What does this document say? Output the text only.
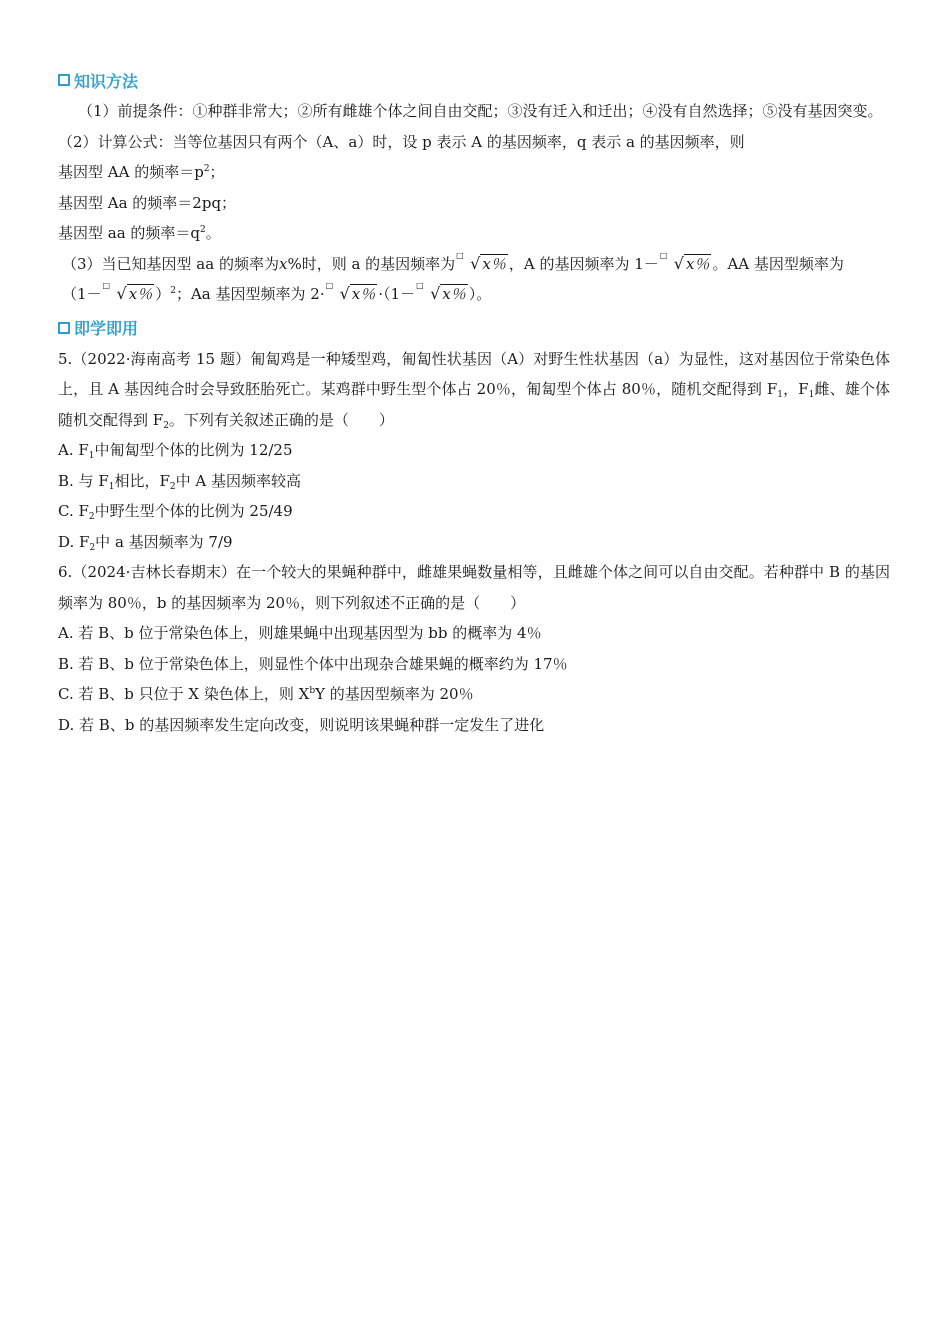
知识方法
（1）前提条件：①种群非常大；②所有雌雄个体之间自由交配；③没有迁入和迁出；④没有自然选择；⑤没有基因突变。
（2）计算公式：当等位基因只有两个（A、a）时，设 p 表示 A 的基因频率，q 表示 a 的基因频率，则
基因型 AA 的频率$=p^2$；
基因型 Aa 的频率＝2pq；
基因型 aa 的频率$=q^2$。
（3）当已知基因型 aa 的频率为x%时，则 a 的基因频率为 □ √ x％ ，A 的基因频率为 1－ □ √ x％ 。AA 基因型频率为
（1－ □ √ x％ ）$^2$；Aa 基因型频率为 2· □ √ x％ ·（1－ □ √ x％ ）。
即学即用
5.（2022·海南高考 15 题）匍匐鸡是一种矮型鸡，匍匐性状基因（A）对野生性状基因（a）为显性，这对基因位于常染色体上，且 A 基因纯合时会导致胚胎死亡。某鸡群中野生型个体占 20％，匍匐型个体占 80％，随机交配得到 $F_1$，$F_1$雌、雄个体随机交配得到 $F_2$。下列有关叙述正确的是（　　）
A. $F_1$中匍匐型个体的比例为 12/25
B. 与 $F_1$相比，$F_2$中 A 基因频率较高
C. $F_2$中野生型个体的比例为 25/49
D. $F_2$中 a 基因频率为 7/9
6.（2024·吉林长春期末）在一个较大的果蝇种群中，雌雄果蝇数量相等，且雌雄个体之间可以自由交配。若种群中 B 的基因频率为 80％，b 的基因频率为 20％，则下列叙述不正确的是（　　）
A. 若 B、b 位于常染色体上，则雄果蝇中出现基因型为 bb 的概率为 4％
B. 若 B、b 位于常染色体上，则显性个体中出现杂合雄果蝇的概率约为 17％
C. 若 B、b 只位于 X 染色体上，则 $X^bY$ 的基因型频率为 20％
D. 若 B、b 的基因频率发生定向改变，则说明该果蝇种群一定发生了进化
